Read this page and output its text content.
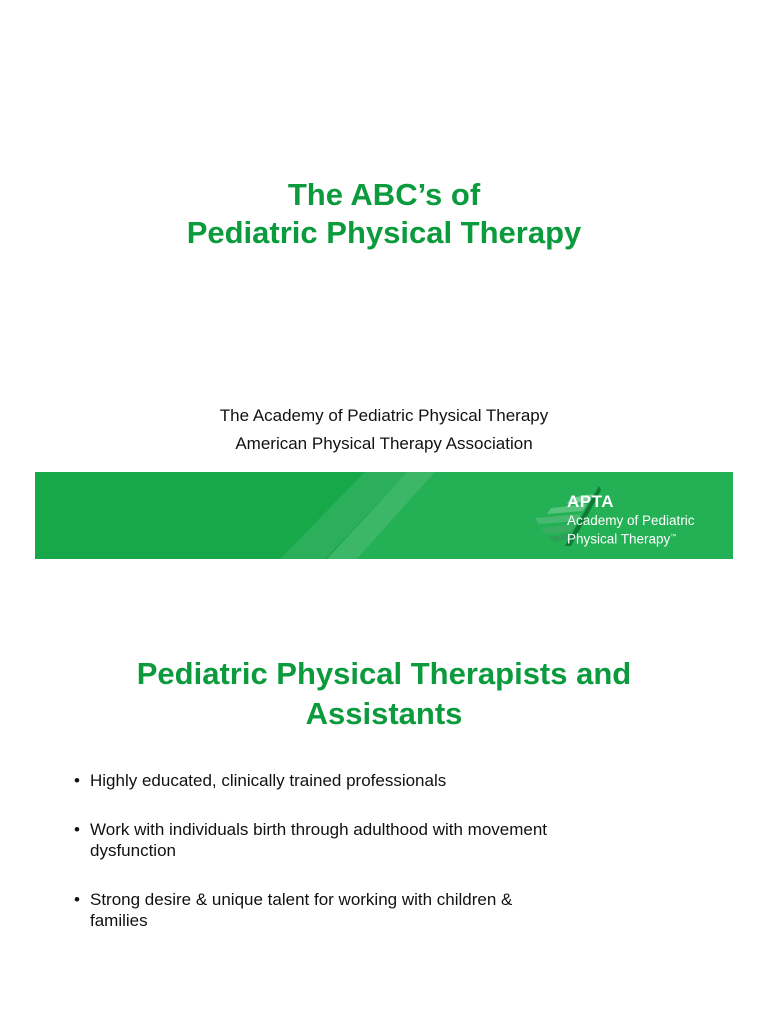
The ABC’s of
Pediatric Physical Therapy
The Academy of Pediatric Physical Therapy
American Physical Therapy Association
APTA
Academy of Pediatric
Physical Therapy™
Pediatric Physical Therapists and
Assistants
• Highly educated, clinically trained professionals
• Work with individuals birth through adulthood with movement
dysfunction
• Strong desire & unique talent for working with children &
families
